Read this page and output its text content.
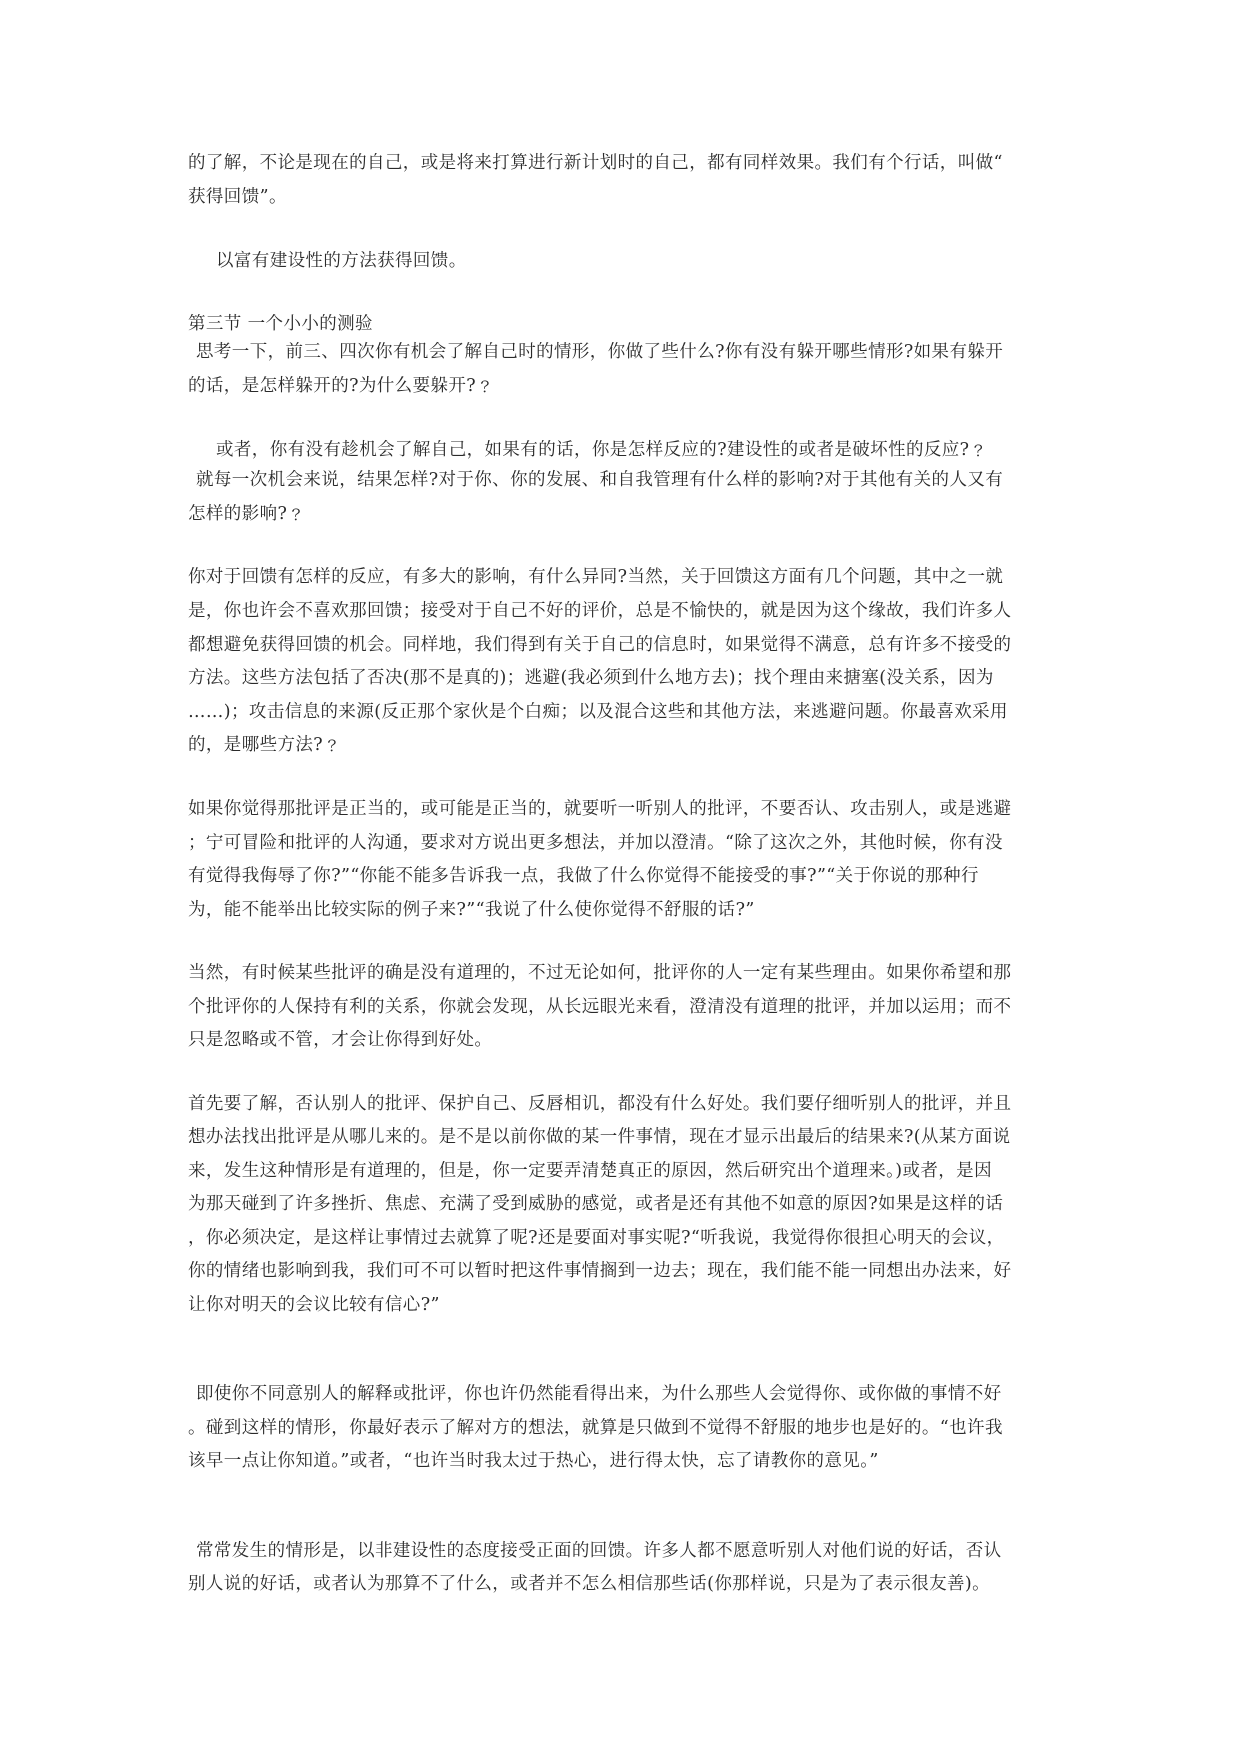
的了解，不论是现在的自己，或是将来打算进行新计划时的自己，都有同样效果。我们有个行话，叫做“
获得回馈”。
以富有建设性的方法获得回馈。
第三节 一个小小的测验
思考一下，前三、四次你有机会了解自己时的情形，你做了些什么?你有没有躲开哪些情形?如果有躲开
的话，是怎样躲开的?为什么要躲开?﹖
或者，你有没有趁机会了解自己，如果有的话，你是怎样反应的?建设性的或者是破坏性的反应?﹖
就每一次机会来说，结果怎样?对于你、你的发展、和自我管理有什么样的影响?对于其他有关的人又有
怎样的影响?﹖
你对于回馈有怎样的反应，有多大的影响，有什么异同?当然，关于回馈这方面有几个问题，其中之一就
是，你也许会不喜欢那回馈；接受对于自己不好的评价，总是不愉快的，就是因为这个缘故，我们许多人
都想避免获得回馈的机会。同样地，我们得到有关于自己的信息时，如果觉得不满意，总有许多不接受的
方法。这些方法包括了否决(那不是真的)；逃避(我必须到什么地方去)；找个理由来搪塞(没关系，因为
……)；攻击信息的来源(反正那个家伙是个白痴；以及混合这些和其他方法，来逃避问题。你最喜欢采用
的，是哪些方法?﹖
如果你觉得那批评是正当的，或可能是正当的，就要听一听别人的批评，不要否认、攻击别人，或是逃避
；宁可冒险和批评的人沟通，要求对方说出更多想法，并加以澄清。“除了这次之外，其他时候，你有没
有觉得我侮辱了你?”“你能不能多告诉我一点，我做了什么你觉得不能接受的事?”“关于你说的那种行
为，能不能举出比较实际的例子来?”“我说了什么使你觉得不舒服的话?”
当然，有时候某些批评的确是没有道理的，不过无论如何，批评你的人一定有某些理由。如果你希望和那
个批评你的人保持有利的关系，你就会发现，从长远眼光来看，澄清没有道理的批评，并加以运用；而不
只是忽略或不管，才会让你得到好处。
首先要了解，否认别人的批评、保护自己、反唇相讥，都没有什么好处。我们要仔细听别人的批评，并且
想办法找出批评是从哪儿来的。是不是以前你做的某一件事情，现在才显示出最后的结果来?(从某方面说
来，发生这种情形是有道理的，但是，你一定要弄清楚真正的原因，然后研究出个道理来。)或者，是因
为那天碰到了许多挫折、焦虑、充满了受到威胁的感觉，或者是还有其他不如意的原因?如果是这样的话
，你必须决定，是这样让事情过去就算了呢?还是要面对事实呢?“听我说，我觉得你很担心明天的会议，
你的情绪也影响到我，我们可不可以暂时把这件事情搁到一边去；现在，我们能不能一同想出办法来，好
让你对明天的会议比较有信心?”
即使你不同意别人的解释或批评，你也许仍然能看得出来，为什么那些人会觉得你、或你做的事情不好
。碰到这样的情形，你最好表示了解对方的想法，就算是只做到不觉得不舒服的地步也是好的。“也许我
该早一点让你知道。”或者，“也许当时我太过于热心，进行得太快，忘了请教你的意见。”
常常发生的情形是，以非建设性的态度接受正面的回馈。许多人都不愿意听别人对他们说的好话，否认
别人说的好话，或者认为那算不了什么，或者并不怎么相信那些话(你那样说，只是为了表示很友善)。
